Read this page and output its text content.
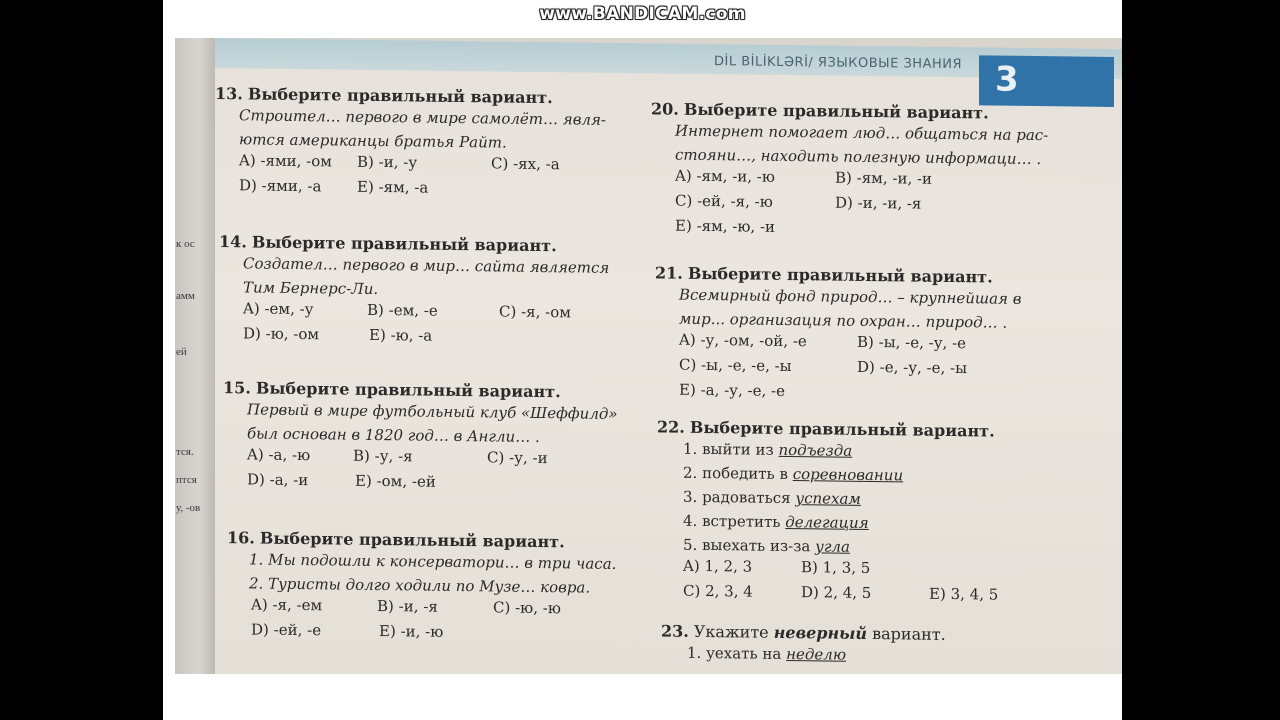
www.BANDICAM.com
к ос
амм
ей
тся.
птся
у, -ов
DİL BİLİKLƏRİ/ ЯЗЫКОВЫЕ ЗНАНИЯ 3
13. Выберите правильный вариант.
Строител… первого в мире самолёт… явля-
ются американцы братья Райт.
A) -ями, -ом B) -и, -у	C) -ях, -а
D) -ями, -а E) -ям, -а
14. Выберите правильный вариант.
Создател… первого в мир… сайта является
Тим Бернерс-Ли.
A) -ем, -у	B) -ем, -е	C) -я, -ом
D) -ю, -ом	E) -ю, -а
15. Выберите правильный вариант.
Первый в мире футбольный клуб «Шеффилд»
был основан в 1820 год… в Англи… .
A) -а, -ю	B) -у, -я	C) -у, -и
D) -а, -и	E) -ом, -ей
16. Выберите правильный вариант.
1. Мы подошли к консерватори… в три часа.
2. Туристы долго ходили по Музе… ковра.
A) -я, -ем	B) -и, -я	C) -ю, -ю
D) -ей, -е	E) -и, -ю
20. Выберите правильный вариант.
Интернет помогает люд… общаться на рас-
стояни…, находить полезную информаци… .
A) -ям, -и, -ю	B) -ям, -и, -и
C) -ей, -я, -ю	D) -и, -и, -я
E) -ям, -ю, -и
21. Выберите правильный вариант.
Всемирный фонд природ… – крупнейшая в
мир... организация по охран… природ… .
A) -у, -ом, -ой, -е	B) -ы, -е, -у, -е
C) -ы, -е, -е, -ы	D) -е, -у, -е, -ы
E) -а, -у, -е, -е
22. Выберите правильный вариант.
1. выйти из подъезда
2. победить в соревновании
3. радоваться успехам
4. встретить делегация
5. выехать из-за угла
A) 1, 2, 3	B) 1, 3, 5
C) 2, 3, 4	D) 2, 4, 5	E) 3, 4, 5
23. Укажите неверный вариант.
1. уехать на неделю
